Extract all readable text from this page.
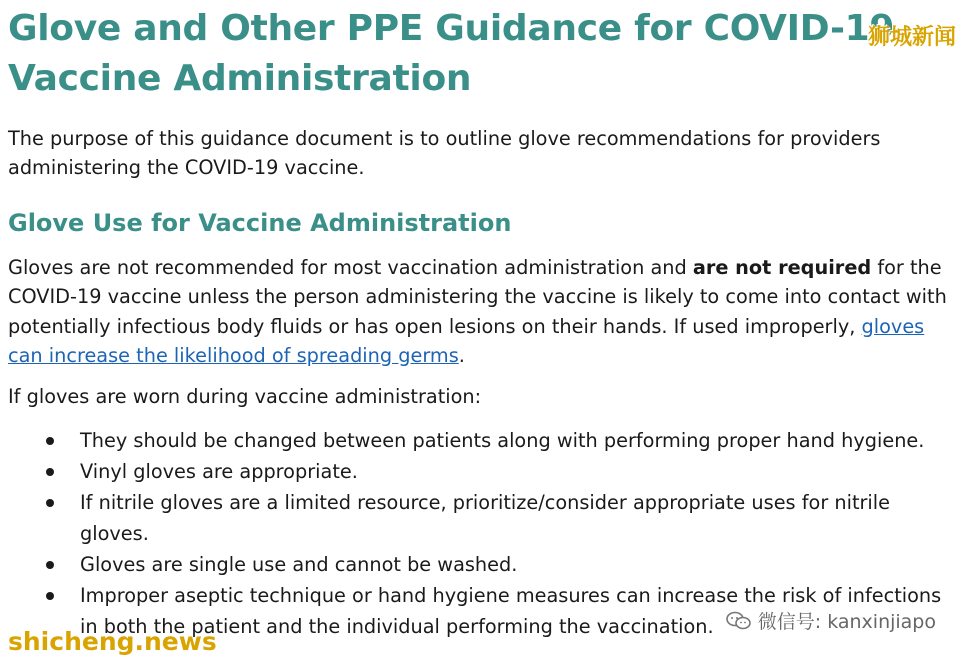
Glove and Other PPE Guidance for COVID-19 Vaccine Administration

The purpose of this guidance document is to outline glove recommendations for providers administering the COVID-19 vaccine.

Glove Use for Vaccine Administration

Gloves are not recommended for most vaccination administration and are not required for the COVID-19 vaccine unless the person administering the vaccine is likely to come into contact with potentially infectious body fluids or has open lesions on their hands. If used improperly, gloves can increase the likelihood of spreading germs.

If gloves are worn during vaccine administration:

They should be changed between patients along with performing proper hand hygiene.
Vinyl gloves are appropriate.
If nitrile gloves are a limited resource, prioritize/consider appropriate uses for nitrile gloves.
Gloves are single use and cannot be washed.
Improper aseptic technique or hand hygiene measures can increase the risk of infections in both the patient and the individual performing the vaccination.
狮城新闻
shicheng.news
微信号: kanxinjiapo
